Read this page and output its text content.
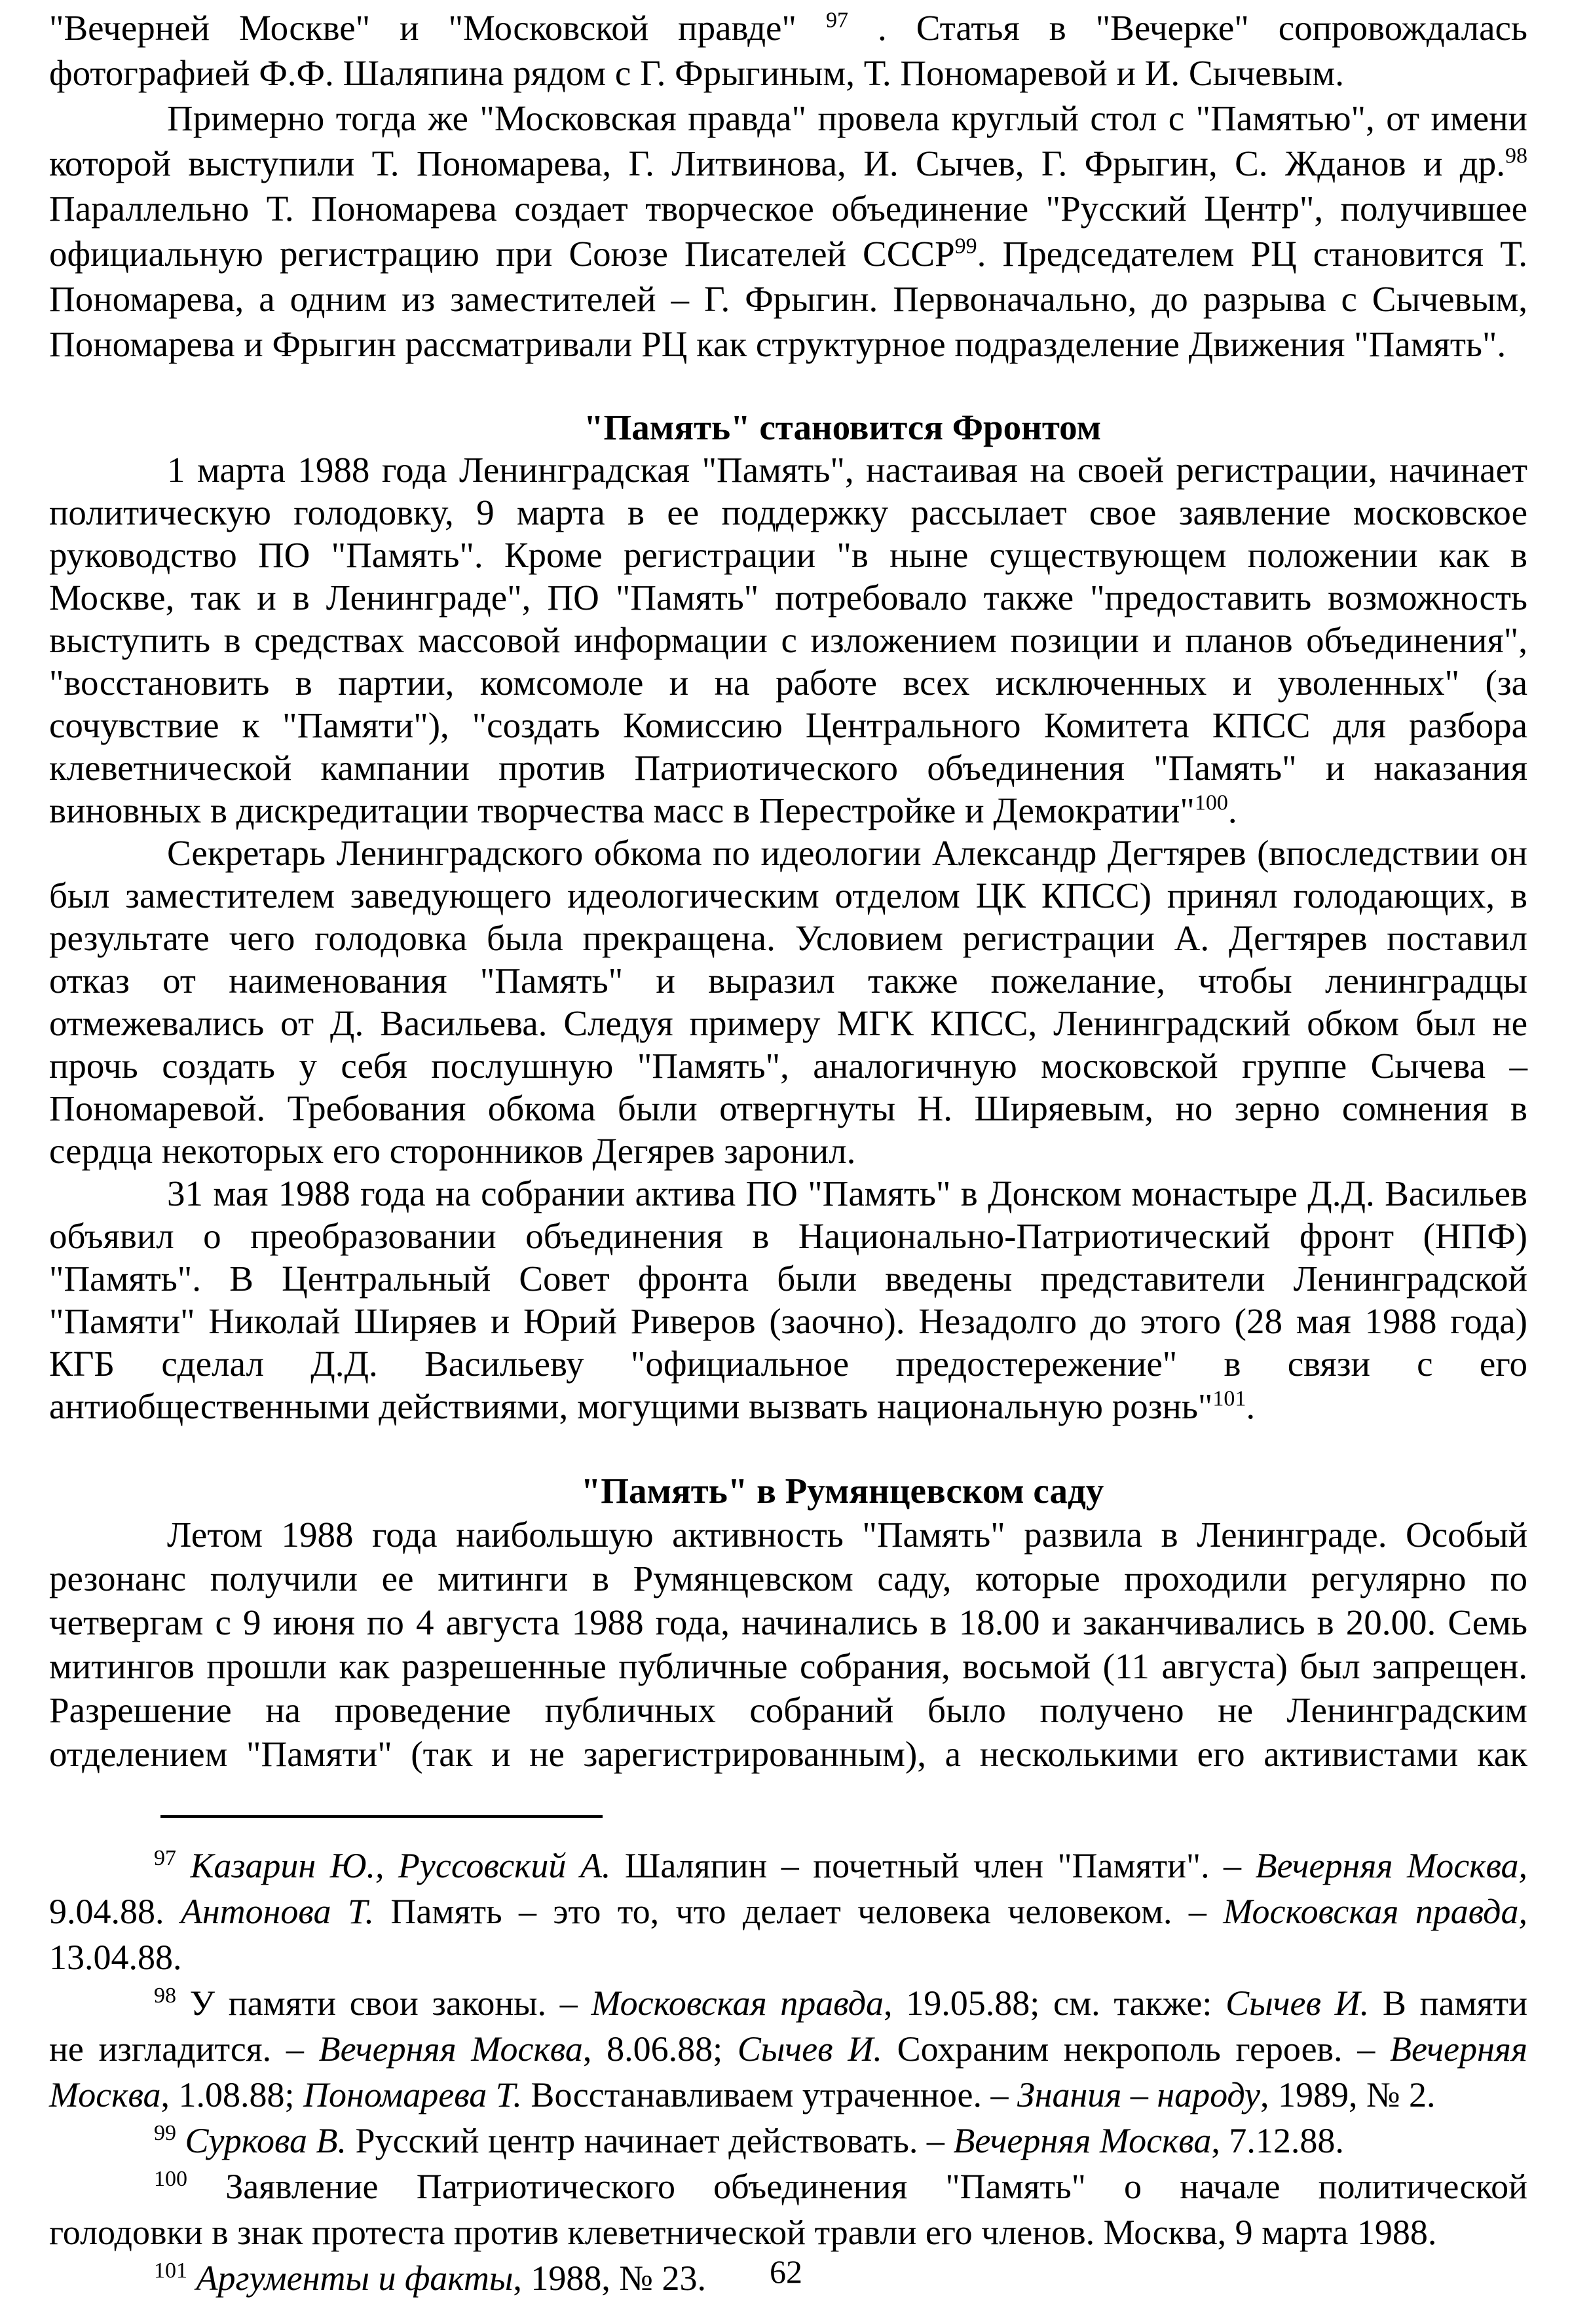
"Вечерней Москве" и "Московской правде" $^{97}$ . Статья в "Вечерке" сопровождалась
фотографией Ф.Ф. Шаляпина рядом с Г. Фрыгиным, Т. Пономаревой и И. Сычевым.
Примерно тогда же "Московская правда" провела круглый стол с "Памятью", от имени
которой выступили Т. Пономарева, Г. Литвинова, И. Сычев, Г. Фрыгин, С. Жданов и др.$^{98}$
Параллельно Т. Пономарева создает творческое объединение "Русский Центр", получившее
официальную регистрацию при Союзе Писателей СССР$^{99}$. Председателем РЦ становится Т.
Пономарева, а одним из заместителей – Г. Фрыгин. Первоначально, до разрыва с Сычевым,
Пономарева и Фрыгин рассматривали РЦ как структурное подразделение Движения "Память".
"Память" становится Фронтом
1 марта 1988 года Ленинградская "Память", настаивая на своей регистрации, начинает
политическую голодовку, 9 марта в ее поддержку рассылает свое заявление московское
руководство ПО "Память". Кроме регистрации "в ныне существующем положении как в
Москве, так и в Ленинграде", ПО "Память" потребовало также "предоставить возможность
выступить в средствах массовой информации с изложением позиции и планов объединения",
"восстановить в партии, комсомоле и на работе всех исключенных и уволенных" (за
сочувствие к "Памяти"), "создать Комиссию Центрального Комитета КПСС для разбора
клеветнической кампании против Патриотического объединения "Память" и наказания
виновных в дискредитации творчества масс в Перестройке и Демократии"$^{100}$.
Секретарь Ленинградского обкома по идеологии Александр Дегтярев (впоследствии он
был заместителем заведующего идеологическим отделом ЦК КПСС) принял голодающих, в
результате чего голодовка была прекращена. Условием регистрации А. Дегтярев поставил
отказ от наименования "Память" и выразил также пожелание, чтобы ленинградцы
отмежевались от Д. Васильева. Следуя примеру МГК КПСС, Ленинградский обком был не
прочь создать у себя послушную "Память", аналогичную московской группе Сычева –
Пономаревой. Требования обкома были отвергнуты Н. Ширяевым, но зерно сомнения в
сердца некоторых его сторонников Дегярев заронил.
31 мая 1988 года на собрании актива ПО "Память" в Донском монастыре Д.Д. Васильев
объявил о преобразовании объединения в Национально-Патриотический фронт (НПФ)
"Память". В Центральный Совет фронта были введены представители Ленинградской
"Памяти" Николай Ширяев и Юрий Риверов (заочно). Незадолго до этого (28 мая 1988 года)
КГБ сделал Д.Д. Васильеву "официальное предостережение" в связи с его
антиобщественными действиями, могущими вызвать национальную рознь"$^{101}$.
"Память" в Румянцевском саду
Летом 1988 года наибольшую активность "Память" развила в Ленинграде. Особый
резонанс получили ее митинги в Румянцевском саду, которые проходили регулярно по
четвергам с 9 июня по 4 августа 1988 года, начинались в 18.00 и заканчивались в 20.00. Семь
митингов прошли как разрешенные публичные собрания, восьмой (11 августа) был запрещен.
Разрешение на проведение публичных собраний было получено не Ленинградским
отделением "Памяти" (так и не зарегистрированным), а несколькими его активистами как
$^{97}$ Казарин Ю., Руссовский А. Шаляпин – почетный член "Памяти". – Вечерняя Москва,
9.04.88. Антонова Т. Память – это то, что делает человека человеком. – Московская правда,
13.04.88.
$^{98}$ У памяти свои законы. – Московская правда, 19.05.88; см. также: Сычев И. В памяти
не изгладится. – Вечерняя Москва, 8.06.88; Сычев И. Сохраним некрополь героев. – Вечерняя
Москва, 1.08.88; Пономарева Т. Восстанавливаем утраченное. – Знания – народу, 1989, № 2.
$^{99}$ Суркова В. Русский центр начинает действовать. – Вечерняя Москва, 7.12.88.
$^{100}$ Заявление Патриотического объединения "Память" о начале политической
голодовки в знак протеста против клеветнической травли его членов. Москва, 9 марта 1988.
$^{101}$ Аргументы и факты, 1988, № 23.	62
